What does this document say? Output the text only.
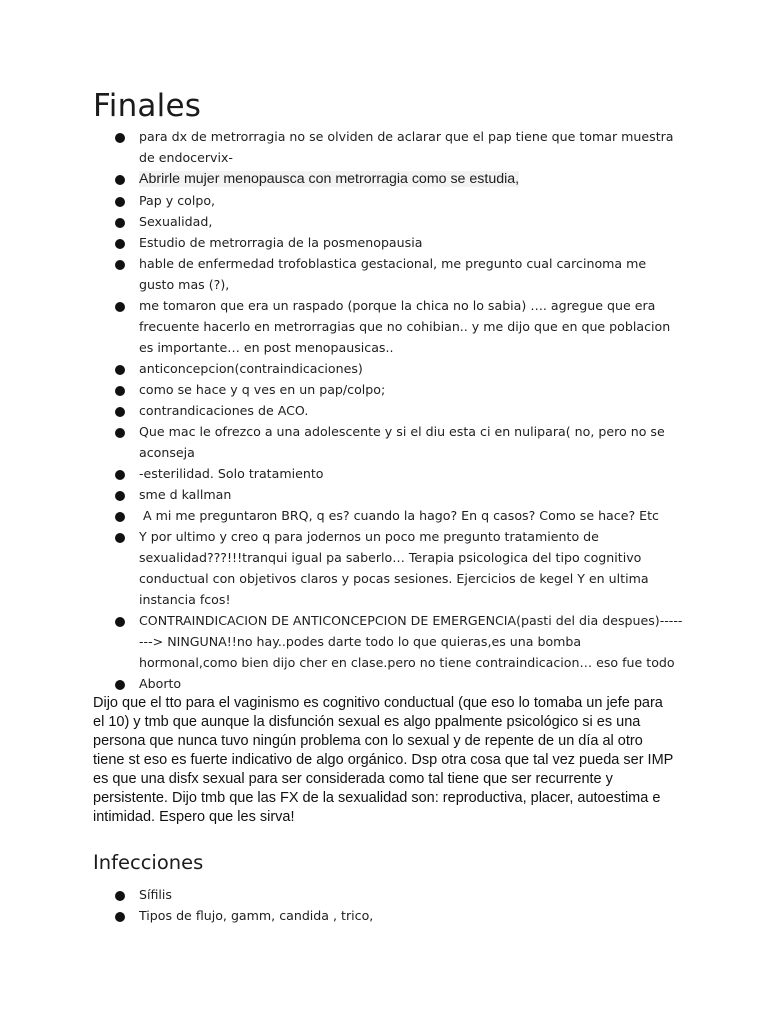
Finales
para dx de metrorragia no se olviden de aclarar que el pap tiene que tomar muestra de endocervix-
Abrirle mujer menopausca con metrorragia como se estudia,
Pap y colpo,
Sexualidad,
Estudio de metrorragia de la posmenopausia
hable de enfermedad trofoblastica gestacional, me pregunto cual carcinoma me gusto mas (?),
me tomaron que era un raspado (porque la chica no lo sabia) …. agregue que era frecuente hacerlo en metrorragias que no cohibian.. y me dijo que en que poblacion es importante… en post menopausicas..
anticoncepcion(contraindicaciones)
como se hace y q ves en un pap/colpo;
contrandicaciones de ACO.
Que mac le ofrezco a una adolescente y si el diu esta ci en nulipara( no, pero no se aconseja
-esterilidad. Solo tratamiento
sme d kallman
A mi me preguntaron BRQ, q es? cuando la hago? En q casos? Como se hace? Etc
Y por ultimo y creo q para jodernos un poco me pregunto tratamiento de sexualidad???!!!tranqui igual pa saberlo… Terapia psicologica del tipo cognitivo conductual con objetivos claros y pocas sesiones. Ejercicios de kegel Y en ultima instancia fcos!
CONTRAINDICACION DE ANTICONCEPCION DE EMERGENCIA(pasti del dia despues)--------> NINGUNA!!no hay..podes darte todo lo que quieras,es una bomba hormonal,como bien dijo cher en clase.pero no tiene contraindicacion… eso fue todo
Aborto

Dijo que el tto para el vaginismo es cognitivo conductual (que eso lo tomaba un jefe para el 10) y tmb que aunque la disfunción sexual es algo ppalmente psicológico si es una persona que nunca tuvo ningún problema con lo sexual y de repente de un día al otro tiene st eso es fuerte indicativo de algo orgánico. Dsp otra cosa que tal vez pueda ser IMP es que una disfx sexual para ser considerada como tal tiene que ser recurrente y persistente. Dijo tmb que las FX de la sexualidad son: reproductiva, placer, autoestima e intimidad. Espero que les sirva!

Infecciones
Sífilis
Tipos de flujo, gamm, candida , trico,
